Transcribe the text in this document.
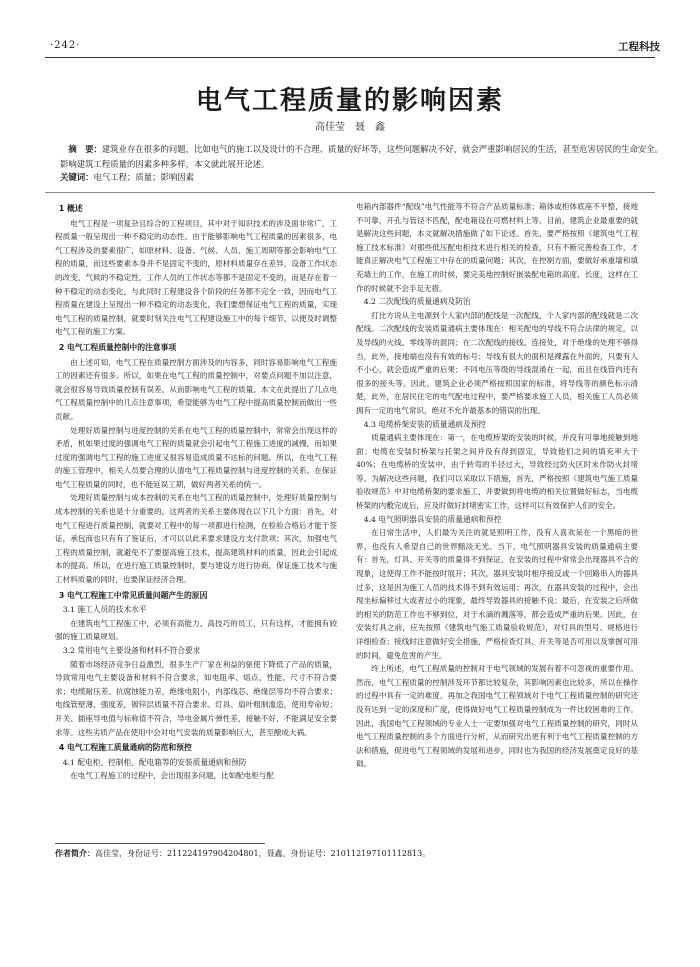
·242·	工程科技
电气工程质量的影响因素
高佳莹　聂　鑫

摘　要：建筑业存在很多的问题，比如电气的施工以及设计的不合理、质量的好坏等，这些问题解决不好，就会严重影响居民的生活，甚至危害居民的生命安全。影响建筑工程质量的因素多种多样，本文就此展开论述。

关键词：电气工程；质量；影响因素
1 概述

电气工程是一项复杂且综合的工程项目，其中对于知识技术的涉及面非常广，工程质量一般呈现出一种不稳定的动态性。由于能够影响电气工程质量的因素很多，电气工程涉及的要素很广，如原材料、设备、气候、人员、施工周期等都会影响电气工程的质量，而这些要素本身并不是固定不变的，原材料质量存在差异，设备工作状态的改变，气候的不稳定性，工作人员的工作状态等都不是固定不变的，而是存在着一种不稳定的动态变化，与此同时工程建设各个阶段的任务都不完全一致，因而电气工程质量在建设上呈现出一种不稳定的动态变化，我们要想保证电气工程的质量，实现电气工程的质量控制，就要时刻关注电气工程建设施工中的每个细节，以便及时调整电气工程的施工方案。

2 电气工程质量控制中的注意事项

由上述可知，电气工程在质量控制方面涉及的内容多，同时容易影响电气工程施工的因素还有很多。所以，如果在电气工程的质量控制中，对要点问题不加以注意，就会很容易导致质量控制有误差，从而影响电气工程的质量。本文在此提出了几点电气工程质量控制中的几点注意事项，希望能够为电气工程中提高质量控制而做出一些贡献。

处理好质量控制与进度控制的关系在电气工程的质量控制中，常常会出现这样的矛盾，机如果过度的强调电气工程的质量就会引起电气工程施工进度的减慢，而如果过度的强调电气工程的施工进度又很容易造成质量不达标的问题。所以，在电气工程的施工管理中，相关人员要合理的认清电气工程质量控制与进度控制的关系。在保证电气工程质量的同时，也不能延误工期，做好两者关系的统一。

处理好质量控制与成本控制的关系在电气工程的质量控制中，处理好质量控制与成本控制的关系也是十分重要的。这两者的关系主要体现在以下几个方面：首先，对电气工程进行质量控制，就要对工程中的每一项都进行检测，在检验合格后才能于签证，承包商也只有有了鉴证后，才可以以此来要求建设方支付款项；其次，加强电气工程的质量控制，就避免不了要提高施工技术，提高建筑材料的质量，因此会引起成本的提高。所以，在进行施工质量控制时，要与建设方进行协商，保证施工技术与施工材料质量的同时，也要保证经济合理。

3 电气工程施工中常见质量问题产生的原因
3.1 施工人员的技术水平

在建筑电气工程施工中，必须有高能力、高技巧的员工，只有这样，才能拥有较强的施工质量规划。

3.2 常用电气主要设备和材料不符合要求

随着市场经济竞争日益激烈，很多生产厂家在利益的驱使下降低了产品的质量，导致常用电气主要设备和材料不符合要求，如电阻率、熔点、性能、尺寸不符合要求；电缆耐压差、抗腐蚀能力差，绝缘电阻小，内部线芯、绝缘层等均不符合要求；电线管壁薄，强度差，镀锌层质量不符合要求。灯具、扇叶粗制滥造，使用寿命短；开关、插座导电值与标称值不符合，导电金属片弹性差，接触不好，不能满足安全要求等。这些劣质产品在使用中会对电气安装的质量影响巨大，甚至酿成大祸。

4 电气工程施工质量通病的防范和预控
4.1 配电柜、控制柜、配电箱等的安装质量通病和预防

在电气工程施工的过程中，会出现很多问题，比如配电柜与配

电箱内部器件“配线”电气性能等不符合产品质量标准；箱体或柜体底座不平整，接地不可靠，开孔与管径不匹配，配电箱设在可燃材料上等。目前，建筑企业最重要的就是解决这些问题，本文就解决措施做了如下论述。首先，要严格按照《建筑电气工程施工技术标准》对那些低压配电柜技术进行相关的检查，只有不断完善检查工作，才能真正解决电气工程施工中存在的质量问题；其次，在控制方面，要做好承重墙和填充墙上的工作，在施工的时候，要完美地控制好嵌装配电箱的高度、长度，这样在工作的时候就不会手足无措。

4.2 二次配线的质量通病及防治

打比方说从主电源到个人家内部的配线是一次配线，个人家内部的配线就是二次配线。二次配线的安装质量通病主要体现在：相关配电的导线不符合法律的规定，以及导线的火线、零线等的混同；在二次配线的接线、连接处，对于绝缘的处理不够得当，此外，接地端也没有有效的标号；导线有很大的面积是裸露在外面的，只要有人不小心，就会造成严重的后果；不同电压等级的导线混淆在一起，而且在线管内还有很多的接头等。因此，建筑企业必须严格按照国家的标准，将导线等的颜色标示清楚，此外，在居民住宅的电气配电过程中，要严格要求施工人员，相关施工人员必须拥有一定的电气常识，绝对不允许最基本的错误的出现。

4.3 电缆桥架安装的质量通病及预控

质量通病主要体现在：第一，在电缆桥架的安装的时候，并没有可靠地接触到地面；电缆在安装时桥架与托架之间并没有得到固定，导致他们之间的填充率大于40%；在电缆桥的安装中，由于转弯的半径过大，导致经过防火区时未作防火封堵等。为解决这些问题，我们可以采取以下措施，首先，严格按照《建筑电气施工质量验收规范》中对电缆桥架的要求施工，并要做到将电缆的相关位置做好标志，当电缆桥架的内敷完成后，应及时做好封堵密实工作，这样可以有效保护人们的安全。

4.4 电气照明器具安装的质量通病和预控

在日常生活中，人们最为关注的就是照明工作，没有人喜欢呆在一个黑暗的世界，也没有人希望自己的世界黯淡无光。当下，电气照明器具安装的质量通病主要有：首先，灯具、开关等的质量得不到保证，在安装的过程中常常会出现器具不合的现象，这使得工作不能按时展开；其次，器具安装时相序接反或一个回路串入的器具过多，这是因为施工人员的技术得不到有效运用；再次，在器具安装的过程中，会出现坐标偏移过大或者过小的现象，最终导致器具的接触不良；最后，在安装之后所做的相关的防范工作也不够到位，对于水滴的溅落等，都会造成严重的后果。因此，在安装灯具之前，应先按照《建筑电气施工质量验收规范》，对灯具的型号、规格进行详细检查；接线时注意做好安全措施，严格检查灯具、开关等是否可用以及掌握可用的时间，避免危害的产生。

终上所述，电气工程质量的控制对于电气领域的发展有着不可忽视的重要作用。然而，电气工程质量的控制涉及环节都比较复杂，其影响因素也比较多，所以在操作的过程中具有一定的难度。再加之我国电气工程领域对于电气工程质量控制的研究还没有达到一定的深度和广度，使得做好电气工程质量控制成为一件比较困难的工作。因此，我国电气工程领域的专业人士一定要加强对电气工程质量控制的研究，同时从电气工程质量控制的多个方面进行分析，从而研究出更有利于电气工程质量控制的方法和措施，促进电气工程领域的发展和进步，同时也为我国的经济发展奠定良好的基础。

作者简介：高佳莹，身份证号：211224197904204801，聂鑫，身份证号：210112197101112813。
